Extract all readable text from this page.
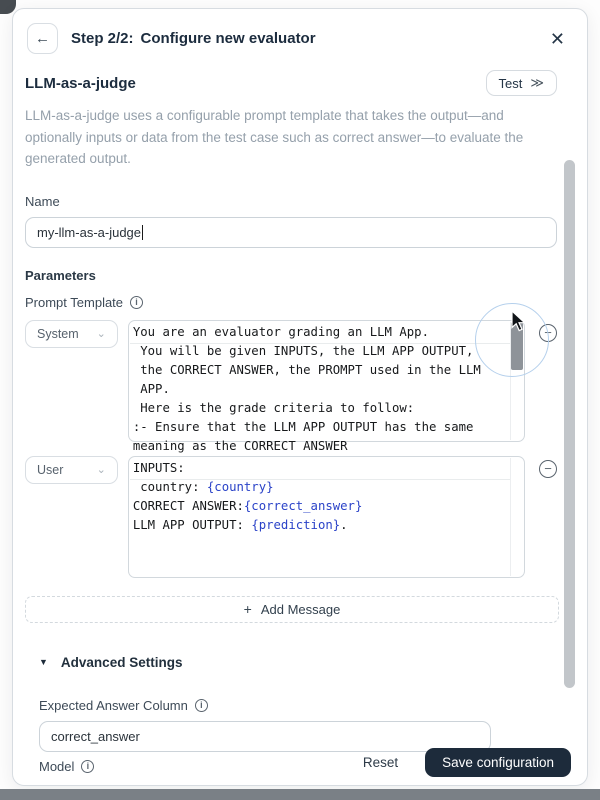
← Step 2/2: Configure new evaluator	✕
LLM-as-a-judge	Test ≫
LLM-as-a-judge uses a configurable prompt template that takes the output—and optionally inputs or data from the test case such as correct answer—to evaluate the generated output.
Name
my-llm-as-a-judge
Parameters
Prompt Template
i
System ⌄ You are an evaluator grading an LLM App.
You will be given INPUTS, the LLM APP OUTPUT,
the CORRECT ANSWER, the PROMPT used in the LLM
APP.
Here is the grade criteria to follow:
:- Ensure that the LLM APP OUTPUT has the same
meaning as the CORRECT ANSWER
−
User	⌄ INPUTS:
country: {country}
CORRECT ANSWER:{correct_answer}
LLM APP OUTPUT: {prediction}.
−
+ Add Message
▼ Advanced Settings
Expected Answer Column
i
correct_answer
Model i	Reset	Save configuration
